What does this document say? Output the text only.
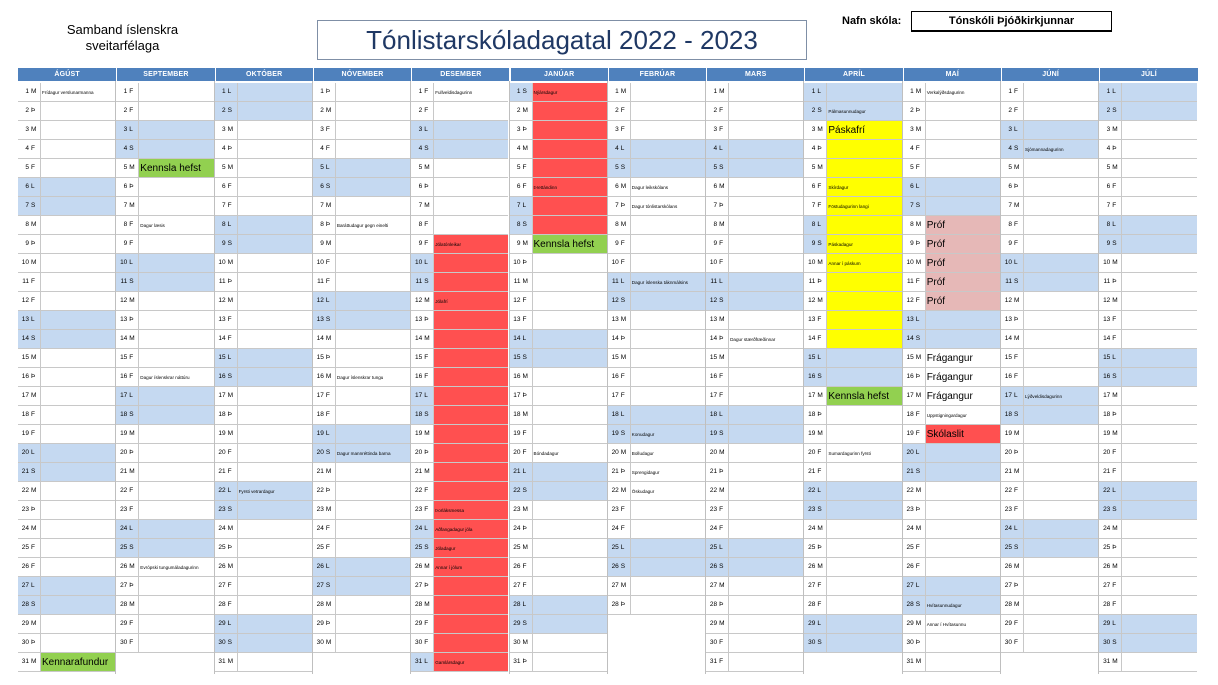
Samband íslenskra sveitarfélaga	Tónlistarskóladagatal 2022 - 2023
Nafn skóla:	Tónskóli Þjóðkirkjunnar
ÁGÚST
1 M	Frídagur verslunarmanna
2 Þ
3 M
4 F
5 F
6 L
7 S
8 M
9 Þ
10 M
11 F
12 F
13 L
14 S
15 M
16 Þ
17 M
18 F
19 F
20 L
21 S
22 M
23 Þ
24 M
25 F
26 F
27 L
28 S
29 M
30 Þ
31 M Kennarafundur
SEPTEMBER
1 F
2 F
3 L
4 S
5 M Kennsla hefst
6 Þ
7 M
8 F	Dagur læsis
9 F
10 L
11 S
12 M
13 Þ
14 M
15 F
16 F	Dagur íslenskrar náttúru
17 L
18 S
19 M
20 Þ
21 M
22 F
23 F
24 L
25 S
26 M	Evrópski tungumáladagurinn
27 Þ
28 M
29 F
30 F
OKTÓBER
1 L
2 S
3 M
4 Þ
5 M
6 F
7 F
8 L
9 S
10 M
11 Þ
12 M
13 F
14 F
15 L
16 S
17 M
18 Þ
19 M
20 F
21 F
22 L	Fyrsti vetrardagur
23 S
24 M
25 Þ
26 M
27 F
28 F
29 L
30 S
31 M
NÓVEMBER
1 Þ
2 M
3 F
4 F
5 L
6 S
7 M
8 Þ	Baráttudagur gegn einelti
9 M
10 F
11 F
12 L
13 S
14 M
15 Þ
16 M	Dagur íslenskrar tungu
17 F
18 F
19 L
20 S	Dagur mannréttinda barna
21 M
22 Þ
23 M
24 F
25 F
26 L
27 S
28 M
29 Þ
30 M
DESEMBER
1 F	Fullveldisdagurinn
2 F
3 L
4 S
5 M
6 Þ
7 M
8 F
9 F	Jólatónleikar
10 L
11 S
12 M	Jólafrí
13 Þ
14 M
15 F
16 F
17 L
18 S
19 M
20 Þ
21 M
22 F
23 F	Þorláksmessa
24 L	Aðfangadagur jóla
25 S	Jóladagur
26 M	Annar í jólum
27 Þ
28 M
29 F
30 F
31 L	Gamlársdagur
JANÚAR
1 S	Nýársdagur
2 M
3 Þ
4 M
5 F
6 F	Þrettándinn
7 L
8 S
9 M Kennsla hefst
10 Þ
11 M
12 F
13 F
14 L
15 S
16 M
17 Þ
18 M
19 F
20 F	Bóndadagur
21 L
22 S
23 M
24 Þ
25 M
26 F
27 F
28 L
29 S
30 M
31 Þ
FEBRÚAR
1 M
2 F
3 F
4 L
5 S
6 M	Dagur leikskólans
7 Þ	Dagur tónlistarskólans
8 M
9 F
10 F
11 L	Dagur íslenska táknmálsins
12 S
13 M
14 Þ
15 M
16 F
17 F
18 L
19 S	Konudagur
20 M	Bolludagur
21 Þ	Sprengidagur
22 M	Öskudagur
23 F
24 F
25 L
26 S
27 M
28 Þ
MARS
1 M
2 F
3 F
4 L
5 S
6 M
7 Þ
8 M
9 F
10 F
11 L
12 S
13 M
14 Þ	Dagur stærðfræðinnar
15 M
16 F
17 F
18 L
19 S
20 M
21 Þ
22 M
23 F
24 F
25 L
26 S
27 M
28 Þ
29 M
30 F
31 F
APRÍL
1 L
2 S	Pálmasunnudagur
3 M Páskafrí
4 Þ
5 M
6 F	Skírdagur
7 F	Föstudagurinn langi
8 L
9 S	Páskadagur
10 M	Annar í páskum
11 Þ
12 M
13 F
14 F
15 L
16 S
17 M Kennsla hefst
18 Þ
19 M
20 F	Sumardagurinn fyrsti
21 F
22 L
23 S
24 M
25 Þ
26 M
27 F
28 F
29 L
30 S
MAÍ
1 M	Verkalýðsdagurinn
2 Þ
3 M
4 F
5 F
6 L
7 S
8 M Próf
9 Þ Próf
10 M Próf
11 F Próf
12 F Próf
13 L
14 S
15 M Frágangur
16 Þ Frágangur
17 M Frágangur
18 F	Uppstigningardagur
19 F Skólaslit
20 L
21 S
22 M
23 Þ
24 M
25 F
26 F
27 L
28 S	Hvítasunnudagur
29 M	Annar í Hvítasunnu
30 Þ
31 M
JÚNÍ
1 F
2 F
3 L
4 S	Sjómannadagurinn
5 M
6 Þ
7 M
8 F
9 F
10 L
11 S
12 M
13 Þ
14 M
15 F
16 F
17 L	Lýðveldisdagurinn
18 S
19 M
20 Þ
21 M
22 F
23 F
24 L
25 S
26 M
27 Þ
28 M
29 F
30 F
JÚLÍ
1 L
2 S
3 M
4 Þ
5 M
6 F
7 F
8 L
9 S
10 M
11 Þ
12 M
13 F
14 F
15 L
16 S
17 M
18 Þ
19 M
20 F
21 F
22 L
23 S
24 M
25 Þ
26 M
27 F
28 F
29 L
30 S
31 M
